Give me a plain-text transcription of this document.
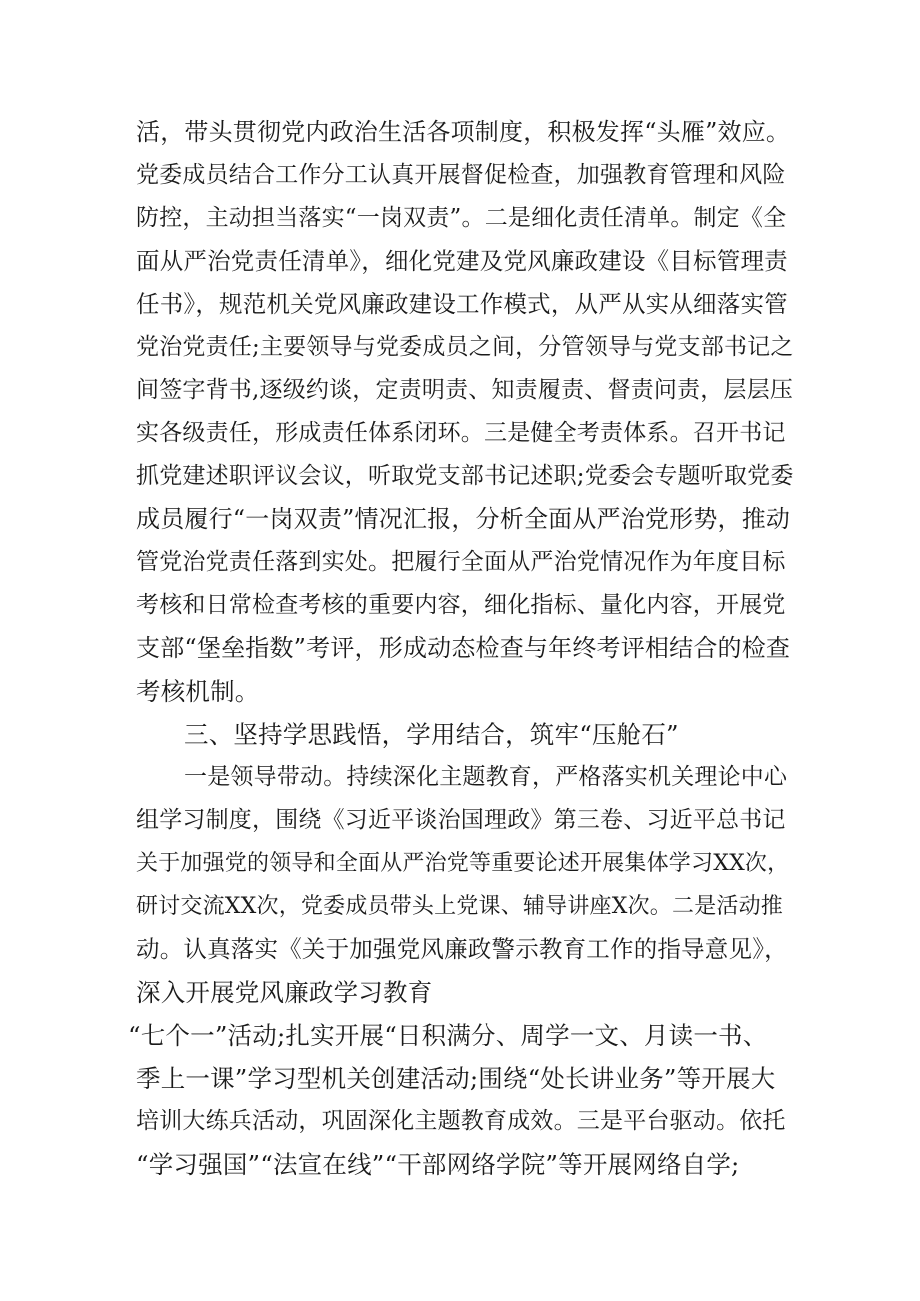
活，带头贯彻党内政治生活各项制度，积极发挥“头雁”效应。
党委成员结合工作分工认真开展督促检查，加强教育管理和风险
防控，主动担当落实“一岗双责”。二是细化责任清单。制定《全
面从严治党责任清单》，细化党建及党风廉政建设《目标管理责
任书》，规范机关党风廉政建设工作模式，从严从实从细落实管
党治党责任;主要领导与党委成员之间，分管领导与党支部书记之
间签字背书,逐级约谈，定责明责、知责履责、督责问责，层层压
实各级责任，形成责任体系闭环。三是健全考责体系。召开书记
抓党建述职评议会议，听取党支部书记述职;党委会专题听取党委
成员履行“一岗双责”情况汇报，分析全面从严治党形势，推动
管党治党责任落到实处。把履行全面从严治党情况作为年度目标
考核和日常检查考核的重要内容，细化指标、量化内容，开展党
支部“堡垒指数”考评，形成动态检查与年终考评相结合的检查
考核机制。
三、坚持学思践悟，学用结合，筑牢“压舱石”
一是领导带动。持续深化主题教育，严格落实机关理论中心
组学习制度，围绕《习近平谈治国理政》第三卷、习近平总书记
关于加强党的领导和全面从严治党等重要论述开展集体学习XX次，
研讨交流XX次，党委成员带头上党课、辅导讲座X次。二是活动推
动。认真落实《关于加强党风廉政警示教育工作的指导意见》，
深入开展党风廉政学习教育
“七个一”活动;扎实开展“日积满分、周学一文、月读一书、
季上一课”学习型机关创建活动;围绕“处长讲业务”等开展大
培训大练兵活动，巩固深化主题教育成效。三是平台驱动。依托
“学习强国”“法宣在线”“干部网络学院”等开展网络自学;
